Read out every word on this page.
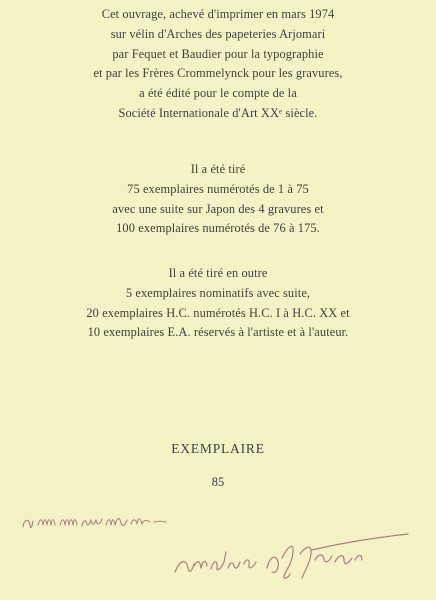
Cet ouvrage, achevé d'imprimer en mars 1974
sur vélin d'Arches des papeteries Arjomari
par Fequet et Baudier pour la typographie
et par les Frères Crommelynck pour les gravures,
a été édité pour le compte de la
Société Internationale d'Art XXᵉ siècle.
Il a été tiré
75 exemplaires numérotés de 1 à 75
avec une suite sur Japon des 4 gravures et
100 exemplaires numérotés de 76 à 175.
Il a été tiré en outre
5 exemplaires nominatifs avec suite,
20 exemplaires H.C. numérotés H.C. I à H.C. XX et
10 exemplaires E.A. réservés à l'artiste et à l'auteur.
EXEMPLAIRE
85
